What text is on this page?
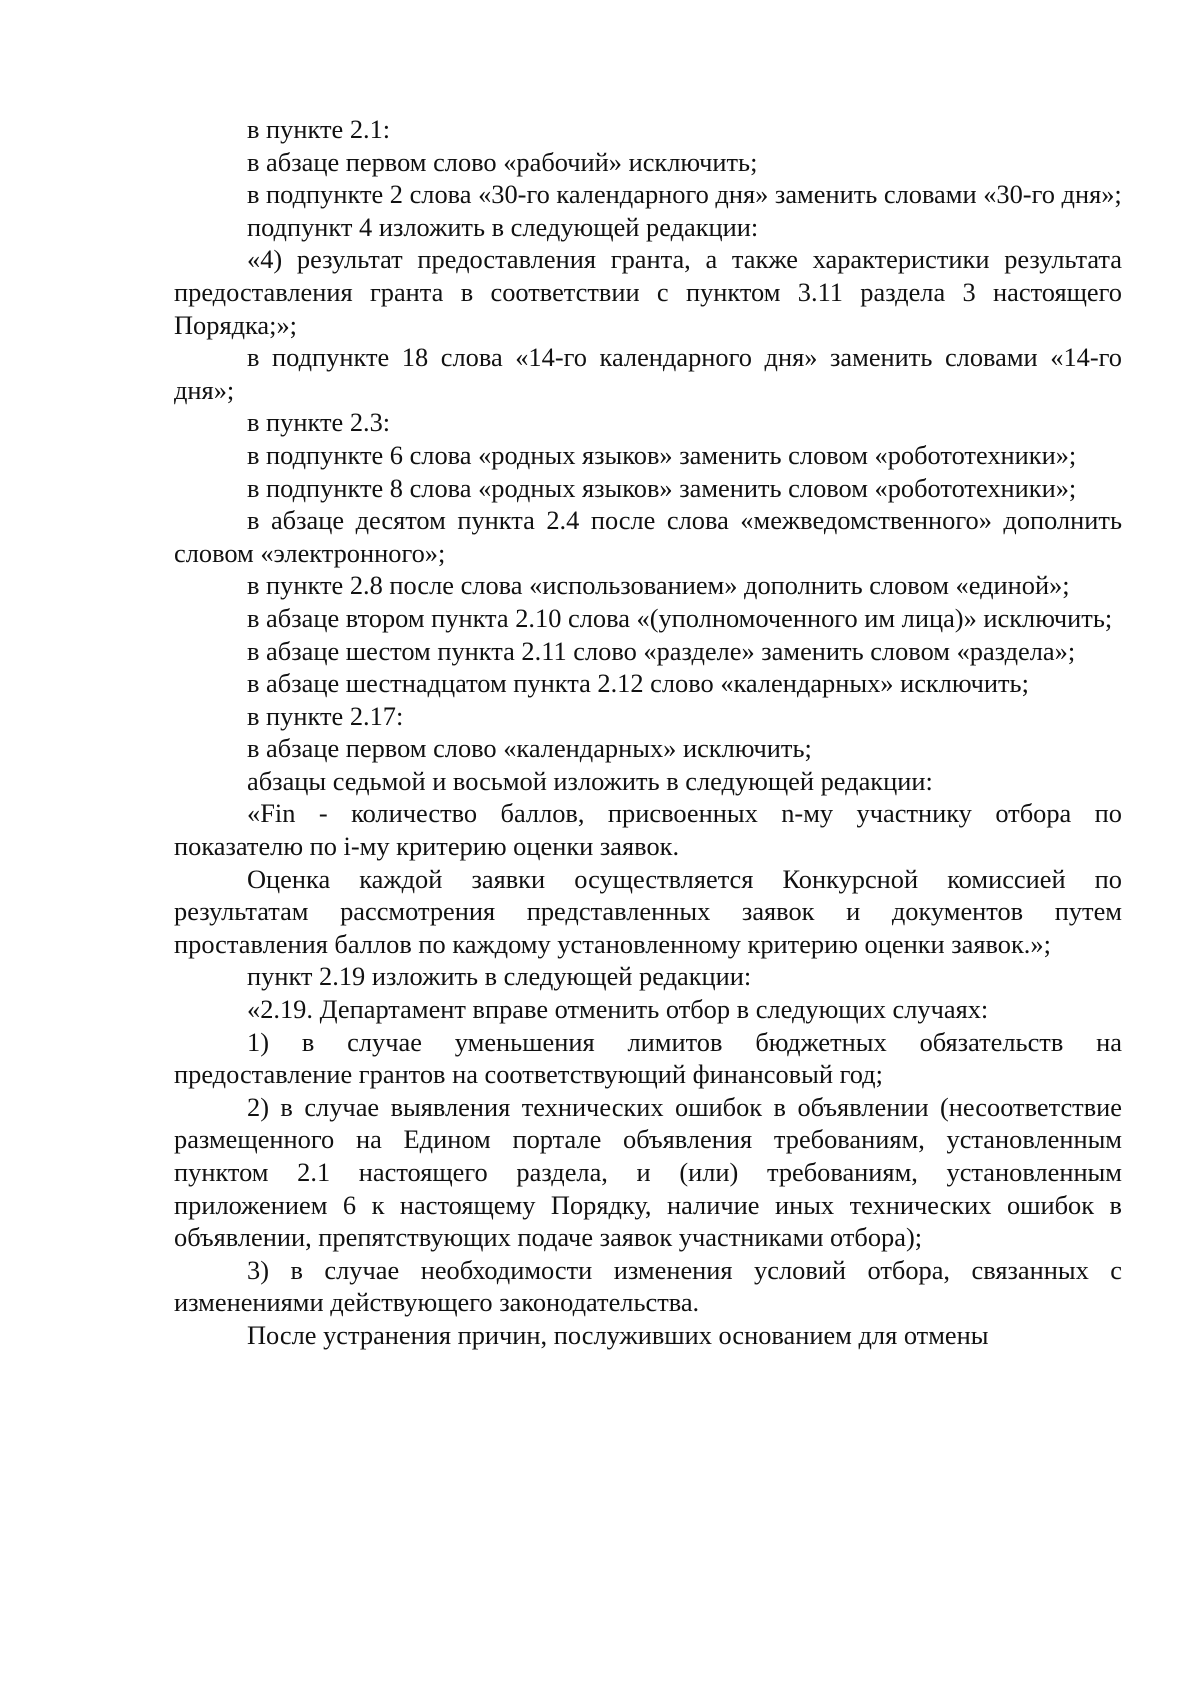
в пункте 2.1:

в абзаце первом слово «рабочий» исключить;

в подпункте 2 слова «30-го календарного дня» заменить словами «30-го дня»;

подпункт 4 изложить в следующей редакции:

«4) результат предоставления гранта, а также характеристики результата предоставления гранта в соответствии с пунктом 3.11 раздела 3 настоящего Порядка;»;

в подпункте 18 слова «14-го календарного дня» заменить словами «14-го дня»;

в пункте 2.3:

в подпункте 6 слова «родных языков» заменить словом «робототехники»;

в подпункте 8 слова «родных языков» заменить словом «робототехники»;

в абзаце десятом пункта 2.4 после слова «межведомственного» дополнить словом «электронного»;

в пункте 2.8 после слова «использованием» дополнить словом «единой»;

в абзаце втором пункта 2.10 слова «(уполномоченного им лица)» исключить;

в абзаце шестом пункта 2.11 слово «разделе» заменить словом «раздела»;

в абзаце шестнадцатом пункта 2.12 слово «календарных» исключить;

в пункте 2.17:

в абзаце первом слово «календарных» исключить;

абзацы седьмой и восьмой изложить в следующей редакции:

«Fin - количество баллов, присвоенных n-му участнику отбора по показателю по i-му критерию оценки заявок.

Оценка каждой заявки осуществляется Конкурсной комиссией по результатам рассмотрения представленных заявок и документов путем проставления баллов по каждому установленному критерию оценки заявок.»;

пункт 2.19 изложить в следующей редакции:

«2.19. Департамент вправе отменить отбор в следующих случаях:

1) в случае уменьшения лимитов бюджетных обязательств на предоставление грантов на соответствующий финансовый год;

2) в случае выявления технических ошибок в объявлении (несоответствие размещенного на Едином портале объявления требованиям, установленным пунктом 2.1 настоящего раздела, и (или) требованиям, установленным приложением 6 к настоящему Порядку, наличие иных технических ошибок в объявлении, препятствующих подаче заявок участниками отбора);

3) в случае необходимости изменения условий отбора, связанных с изменениями действующего законодательства.

После устранения причин, послуживших основанием для отмены
